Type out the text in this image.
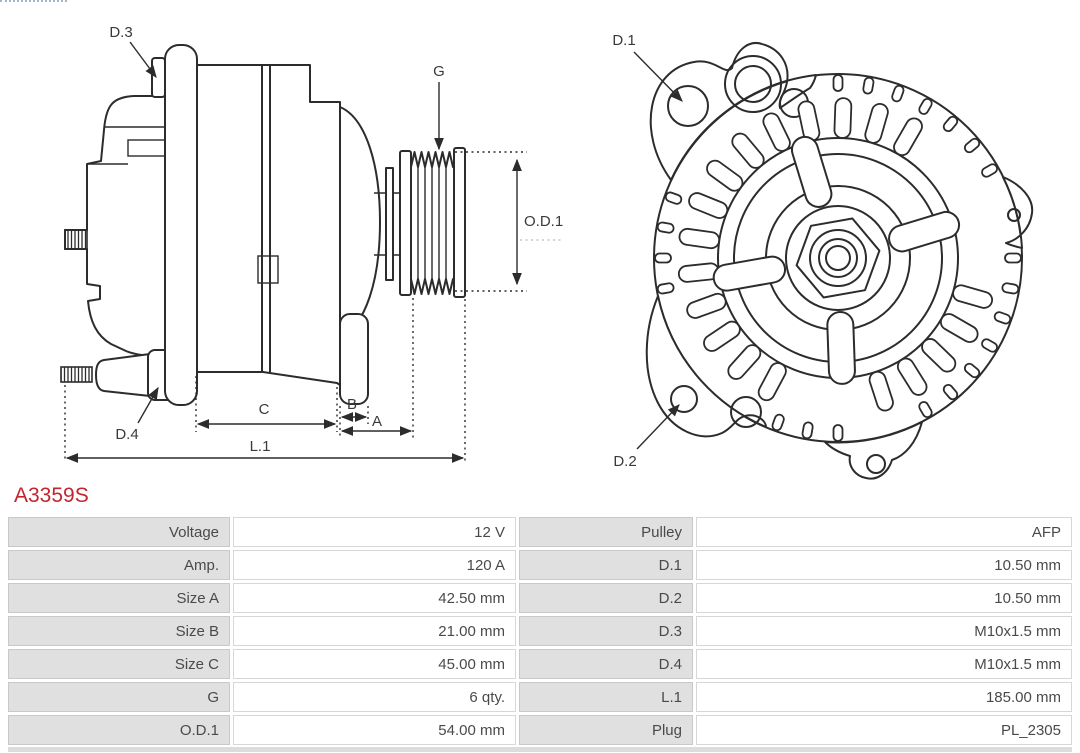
D.3
D.4
G
O.D.1
C	B
A
L.1
D.1
D.2
A3359S
Voltage	12 V	Pulley	AFP
Amp.	120 A	D.1	10.50 mm
Size A	42.50 mm	D.2	10.50 mm
Size B	21.00 mm	D.3	M10x1.5 mm
Size C	45.00 mm	D.4	M10x1.5 mm
G	6 qty.	L.1	185.00 mm
O.D.1	54.00 mm	Plug	PL_2305
